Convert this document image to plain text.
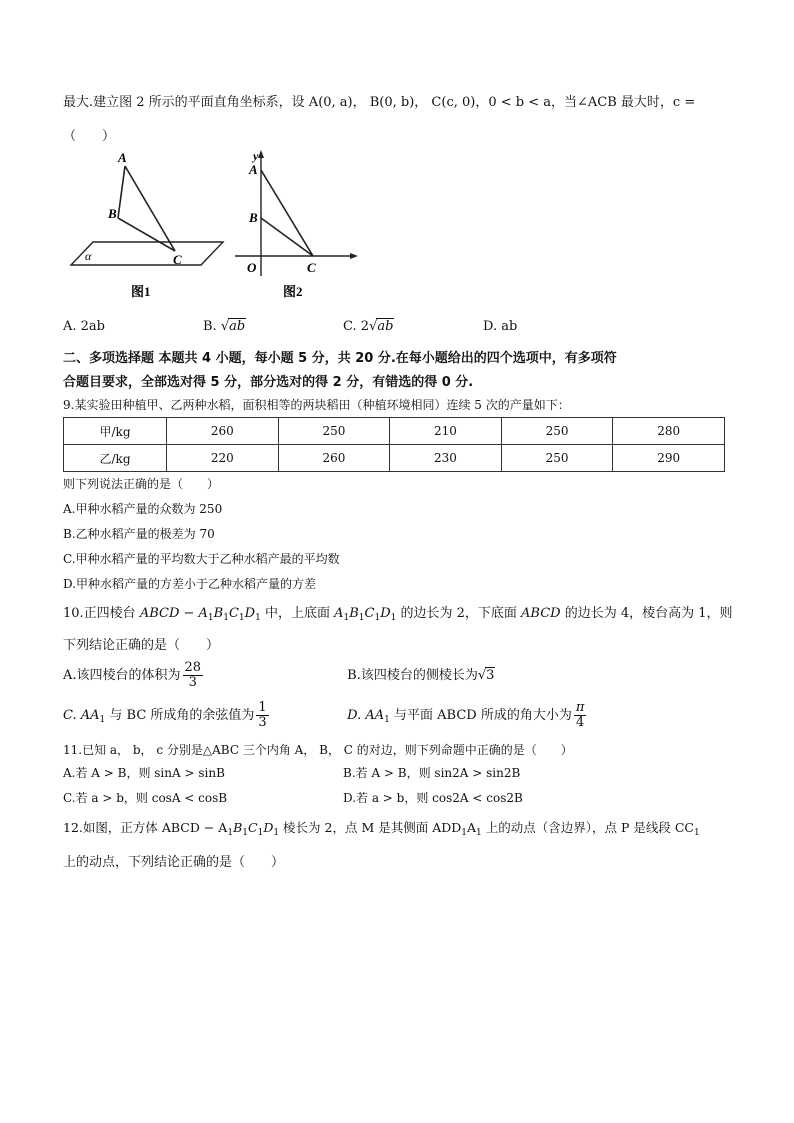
最大.建立图 2 所示的平面直角坐标系，设 A(0, a)， B(0, b)， C(c, 0)，0 < b < a，当∠ACB 最大时，c =
（　　）
A
B
C
α
图1
y
A
B
O	C
图2
A. 2ab	B. √ab	C. 2√ab	D. ab
二、多项选择题 本题共 4 小题，每小题 5 分，共 20 分.在每小题给出的四个选项中，有多项符
合题目要求，全部选对得 5 分，部分选对的得 2 分，有错选的得 0 分.
9.某实验田种植甲、乙两种水稻，面积相等的两块稻田（种植环境相同）连续 5 次的产量如下：
甲/kg	260	250	210	250	280
乙/kg	220	260	230	250	290
则下列说法正确的是（　　）
A.甲种水稻产量的众数为 250
B.乙种水稻产量的极差为 70
C.甲种水稻产量的平均数大于乙种水稻产最的平均数
D.甲种水稻产量的方差小于乙种水稻产量的方差
10.正四棱台 ABCD − $A_1B_1C_1D_1$ 中，上底面 $A_1B_1C_1D_1$ 的边长为 2，下底面 ABCD 的边长为 4，棱台高为 1，则
下列结论正确的是（　　）
A.该四棱台的体积为 $\frac{28}{3}$	B.该四棱台的侧棱长为√3
C. $AA_1$ 与 BC 所成角的余弦值为 $\frac{1}{3}$	D. $AA_1$ 与平面 ABCD 所成的角大小为 $\frac{\pi}{4}$
11.已知 a， b， c 分别是△ABC 三个内角 A， B， C 的对边，则下列命题中正确的是（　　）
A.若 A > B，则 sinA > sinB	B.若 A > B，则 sin2A > sin2B
C.若 a > b，则 cosA < cosB	D.若 a > b，则 cos2A < cos2B
12.如图，正方体 ABCD − $A_1B_1C_1D_1$ 棱长为 2，点 M 是其侧面 $ADD_1A_1$ 上的动点（含边界），点 P 是线段 $CC_1$
上的动点，下列结论正确的是（　　）
